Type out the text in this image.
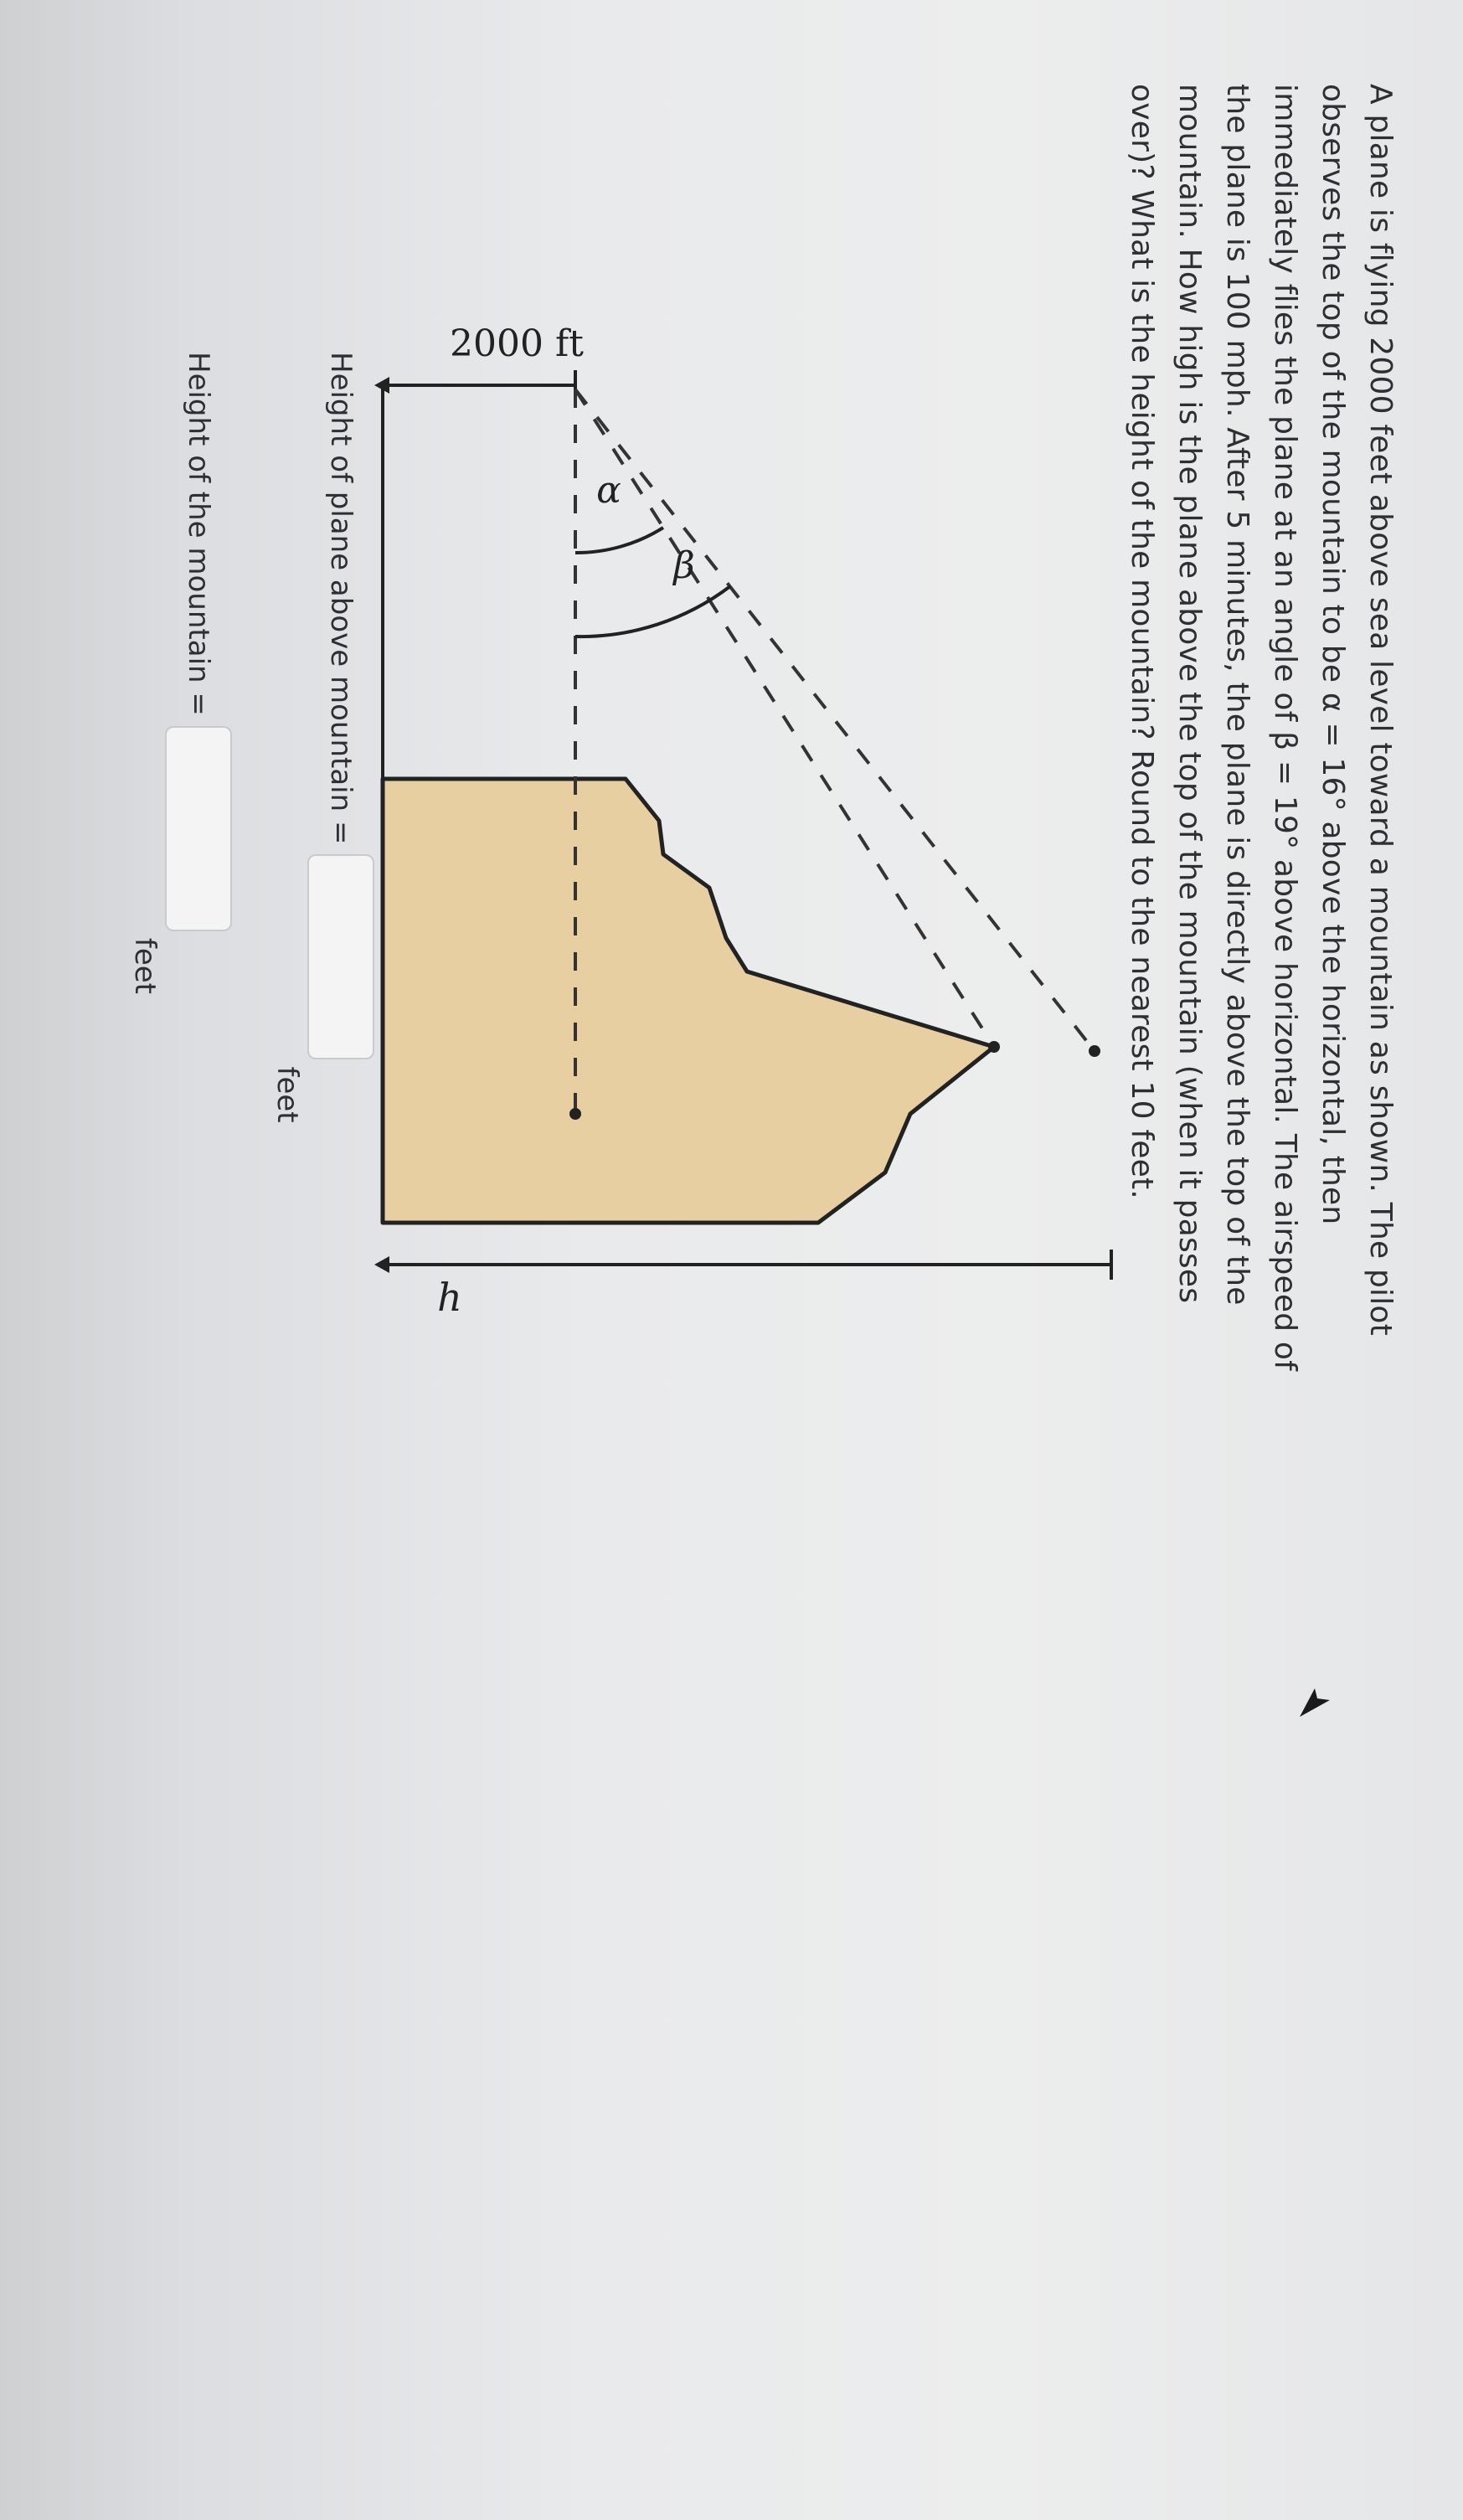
A plane is flying 2000 feet above sea level toward a mountain as shown. The pilot observes the top of the mountain to be α = 16° above the horizontal, then immediately flies the plane at an angle of β = 19° above horizontal. The airspeed of the plane is 100 mph. After 5 minutes, the plane is directly above the top of the mountain. How high is the plane above the top of the mountain (when it passes over)? What is the height of the mountain? Round to the nearest 10 feet.

2000 ft
α
β
h
Height of plane above mountain =
feet
Height of the mountain =
feet
